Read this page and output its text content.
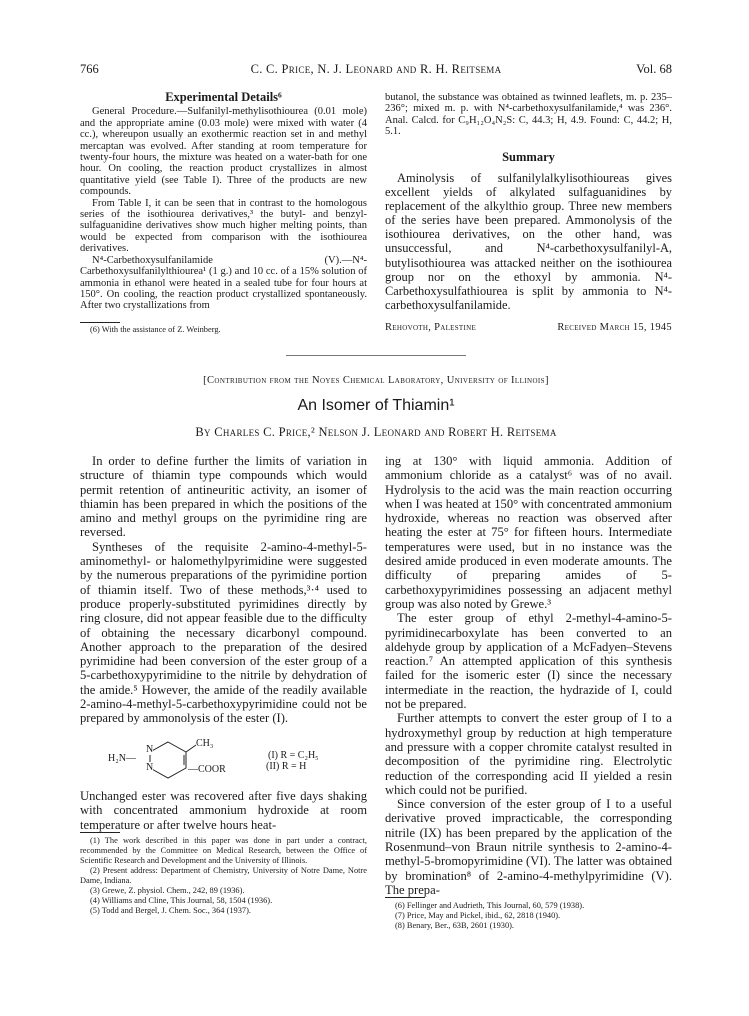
766	C. C. Price, N. J. Leonard and R. H. Reitsema	Vol. 68
Experimental Details⁶

General Procedure.—Sulfanilyl-methylisothiourea (0.01 mole) and the appropriate amine (0.03 mole) were mixed with water (4 cc.), whereupon usually an exothermic reaction set in and methyl mercaptan was evolved. After standing at room temperature for twenty-four hours, the mixture was heated on a water-bath for one hour. On cooling, the reaction product crystallizes in almost quantitative yield (see Table I). Three of the products are new compounds.

From Table I, it can be seen that in contrast to the homologous series of the isothiourea derivatives,³ the butyl- and benzyl-sulfaguanidine derivatives show much higher melting points, than would be expected from comparison with the isothiourea derivatives.

N⁴-Carbethoxysulfanilamide (V).—N⁴-Carbethoxysulfanilylthiourea¹ (1 g.) and 10 cc. of a 15% solution of ammonia in ethanol were heated in a sealed tube for four hours at 150°. On cooling, the reaction product crystallized spontaneously. After two crystallizations from

(6) With the assistance of Z. Weinberg.

butanol, the substance was obtained as twinned leaflets, m. p. 235–236°; mixed m. p. with N⁴-carbethoxysulfanilamide,⁴ was 236°. Anal. Calcd. for C₉H₁₂O₄N₂S: C, 44.3; H, 4.9. Found: C, 44.2; H, 5.1.

Summary

Aminolysis of sulfanilylalkylisothioureas gives excellent yields of alkylated sulfaguanidines by replacement of the alkylthio group. Three new members of the series have been prepared. Ammonolysis of the isothiourea derivatives, on the other hand, was unsuccessful, and N⁴-carbethoxysulfanilyl-A, butylisothiourea was attacked neither on the isothiourea group nor on the ethoxyl by ammonia. N⁴-Carbethoxysulfathiourea is split by ammonia to N⁴-carbethoxysulfanilamide.

Rehovoth, Palestine	Received March 15, 1945
[Contribution from the Noyes Chemical Laboratory, University of Illinois]
An Isomer of Thiamin¹
By Charles C. Price,² Nelson J. Leonard and Robert H. Reitsema

In order to define further the limits of variation in structure of thiamin type compounds which would permit retention of antineuritic activity, an isomer of thiamin has been prepared in which the positions of the amino and methyl groups on the pyrimidine ring are reversed.

Syntheses of the requisite 2-amino-4-methyl-5-aminomethyl- or halomethylpyrimidine were suggested by the numerous preparations of the pyrimidine portion of thiamin itself. Two of these methods,³·⁴ used to produce properly-substituted pyrimidines directly by ring closure, did not appear feasible due to the difficulty of obtaining the necessary dicarbonyl compound. Another approach to the preparation of the desired pyrimidine had been conversion of the ester group of a 5-carbethoxypyrimidine to the nitrile by dehydration of the amide.⁵ However, the amide of the readily available 2-amino-4-methyl-5-carbethoxypyrimidine could not be prepared by ammonolysis of the ester (I).

CH₃
N
N
H₂N—
—COOR
(I) R = C₂H₅
(II) R = H

Unchanged ester was recovered after five days shaking with concentrated ammonium hydroxide at room temperature or after twelve hours heat-

(1) The work described in this paper was done in part under a contract, recommended by the Committee on Medical Research, between the Office of Scientific Research and Development and the University of Illinois.

(2) Present address: Department of Chemistry, University of Notre Dame, Notre Dame, Indiana.

(3) Grewe, Z. physiol. Chem., 242, 89 (1936).

(4) Williams and Cline, This Journal, 58, 1504 (1936).

(5) Todd and Bergel, J. Chem. Soc., 364 (1937).

ing at 130° with liquid ammonia. Addition of ammonium chloride as a catalyst⁶ was of no avail. Hydrolysis to the acid was the main reaction occurring when I was heated at 150° with concentrated ammonium hydroxide, whereas no reaction was observed after heating the ester at 75° for fifteen hours. Intermediate temperatures were used, but in no instance was the desired amide produced in even moderate amounts. The difficulty of preparing amides of 5-carbethoxypyrimidines possessing an adjacent methyl group was also noted by Grewe.³

The ester group of ethyl 2-methyl-4-amino-5-pyrimidinecarboxylate has been converted to an aldehyde group by application of a McFadyen–Stevens reaction.⁷ An attempted application of this synthesis failed for the isomeric ester (I) since the necessary intermediate in the reaction, the hydrazide of I, could not be prepared.

Further attempts to convert the ester group of I to a hydroxymethyl group by reduction at high temperature and pressure with a copper chromite catalyst resulted in decomposition of the pyrimidine ring. Electrolytic reduction of the corresponding acid II yielded a resin which could not be purified.

Since conversion of the ester group of I to a useful derivative proved impracticable, the corresponding nitrile (IX) has been prepared by the application of the Rosenmund–von Braun nitrile synthesis to 2-amino-4-methyl-5-bromopyrimidine (VI). The latter was obtained by bromination⁸ of 2-amino-4-methylpyrimidine (V). The prepa-

(6) Fellinger and Audrieth, This Journal, 60, 579 (1938).

(7) Price, May and Pickel, ibid., 62, 2818 (1940).

(8) Benary, Ber., 63B, 2601 (1930).
